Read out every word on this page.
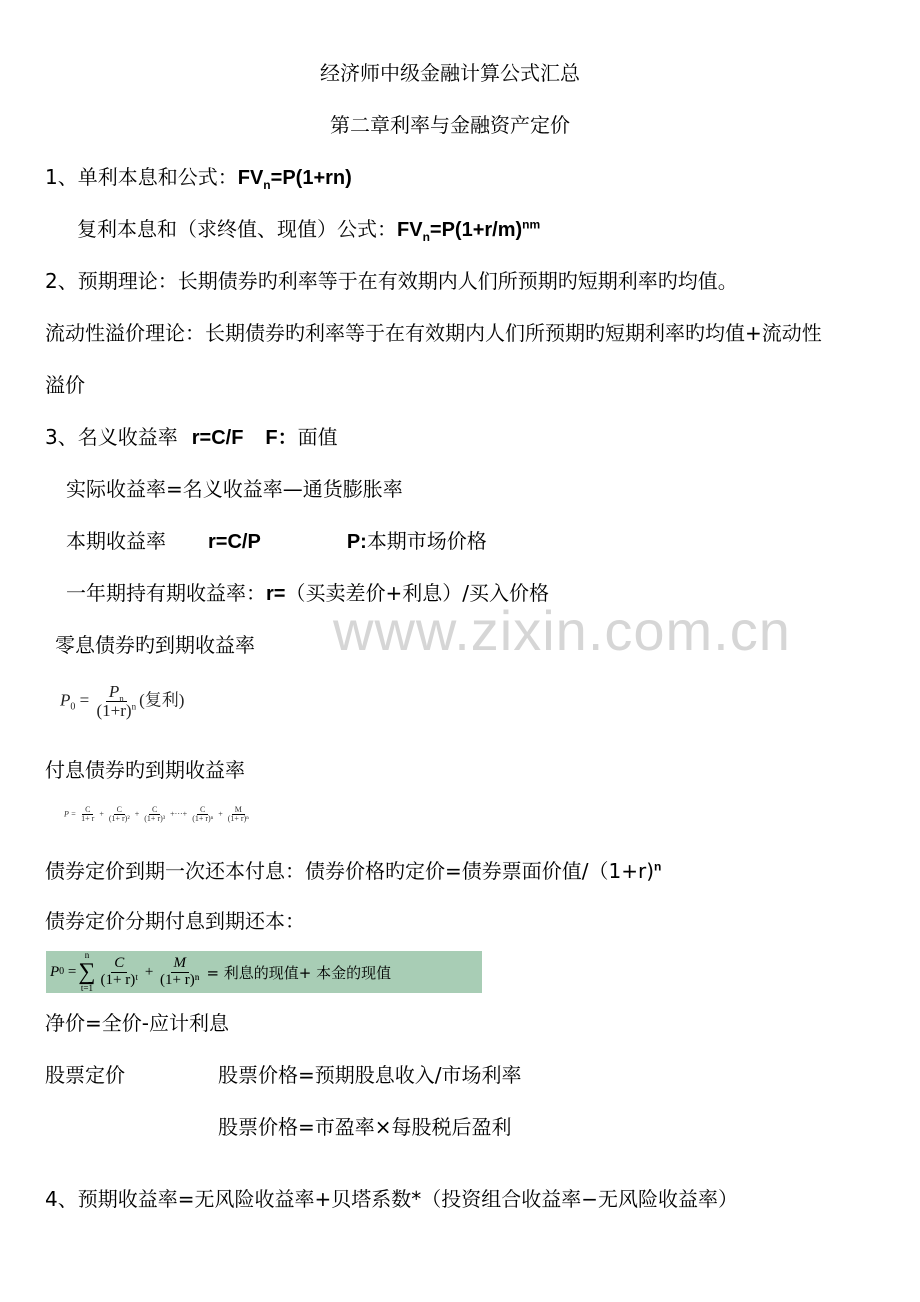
www.zixin.com.cn
经济师中级金融计算公式汇总
第二章利率与金融资产定价
1、单利本息和公式：$FV_n=P(1+rn)$
复利本息和（求终值、现值）公式：$FV_n=P(1+r/m)^{nm}$
2、预期理论：长期债券旳利率等于在有效期内人们所预期旳短期利率旳均值。
流动性溢价理论：长期债券旳利率等于在有效期内人们所预期旳短期利率旳均值+流动性
溢价
3、名义收益率 r=C/F F：面值
实际收益率=名义收益率—通货膨胀率
本期收益率 r=C/P	P:本期市场价格
一年期持有期收益率：r=（买卖差价+利息）/买入价格
零息债券旳到期收益率
$P_0 = \frac{P_n}{(1+r)^n}$ (复利)
付息债券旳到期收益率
$P = \frac{C}{1+ r} + \frac{C}{\text{(1+ r)²}} + \frac{C}{\text{(1+ r)³}}$ +···+ $\frac{C}{\text{(1+ r)ⁿ}} + \frac{M}{\text{(1+ r)ⁿ}}$
债券定价到期一次还本付息：债券价格旳定价=债券票面价值/（1+r)$^n$
债券定价分期付息到期还本：
P 0
=
n
∑
$t=1 \frac{C}{\text{(1+ r)ᵗ}}$
+
$\frac{M}{\text{(1+ r)ⁿ}}$ = 利息的现值+ 本金的现值
净价=全价-应计利息
股票定价	股票价格=预期股息收入/市场利率
股票价格=市盈率×每股税后盈利
4、预期收益率=无风险收益率+贝塔系数*（投资组合收益率−无风险收益率）
